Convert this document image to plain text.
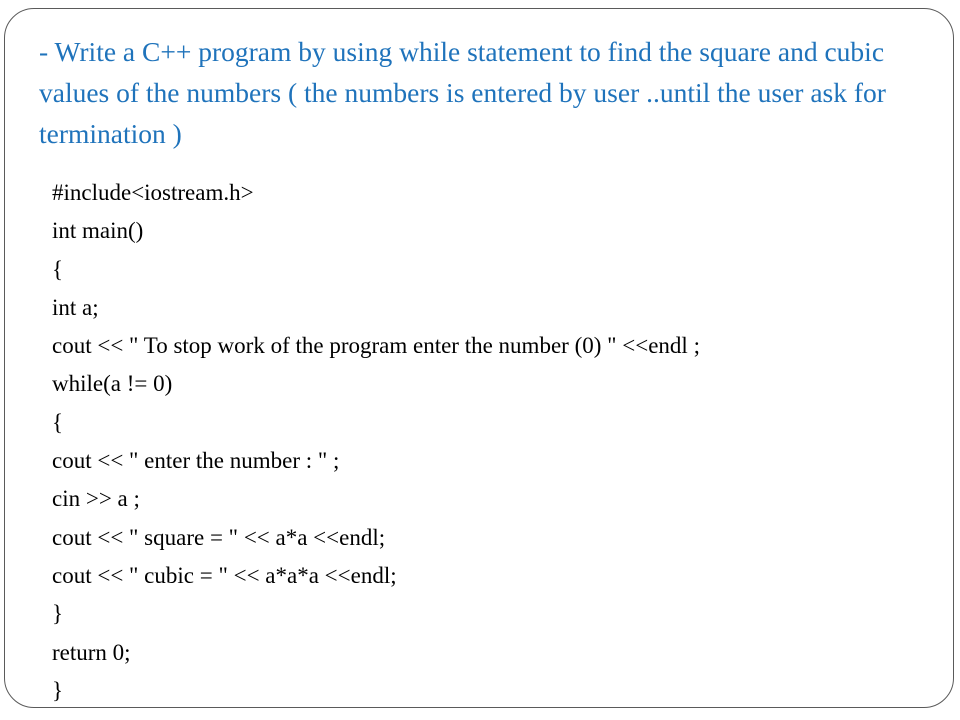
- Write a C++ program by using while statement to find the square and cubic values of the numbers ( the numbers is entered by user ..until the user ask for termination )

#include<iostream.h>
int main()
{
int a;
cout << " To stop work of the program enter the number (0) " <<endl ;
while(a != 0)
{
cout << " enter the number : " ;
cin >> a ;
cout << " square = " << a*a <<endl;
cout << " cubic = " << a*a*a <<endl;
}
return 0;
}
